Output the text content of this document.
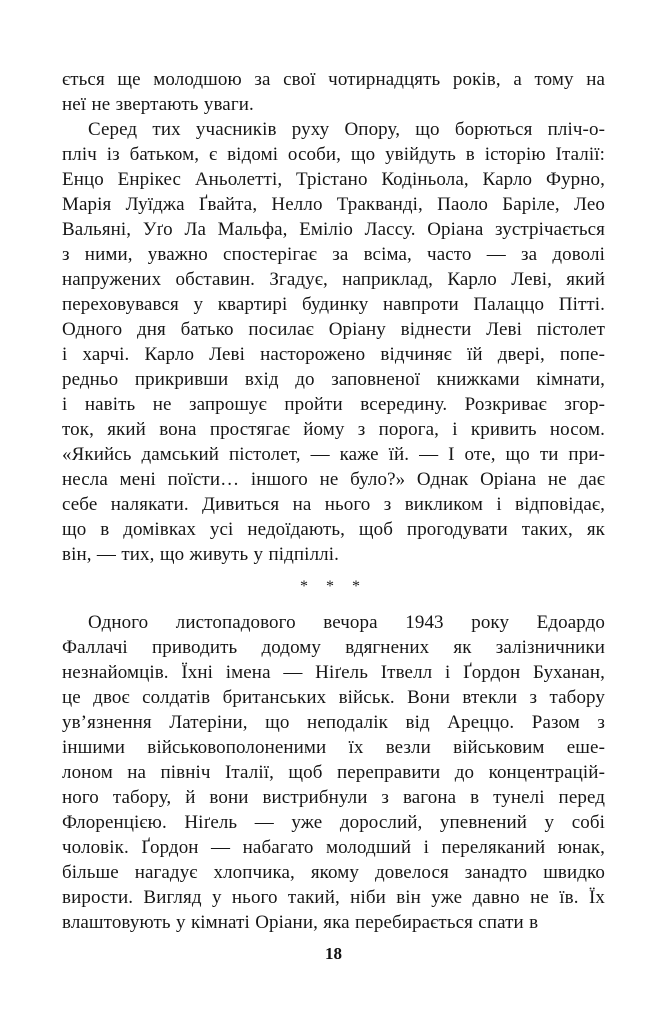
ється ще молодшою за свої чотирнадцять років, а тому на
неї не звертають уваги.
Серед тих учасників руху Опору, що борються пліч-о-
пліч із батьком, є відомі особи, що увійдуть в історію Італії:
Енцо Енрікес Аньолетті, Трістано Кодіньола, Карло Фурно,
Марія Луїджа Ґвайта, Нелло Тракванді, Паоло Баріле, Лео
Вальяні, Уґо Ла Мальфа, Еміліо Лассу. Оріана зустрічається
з ними, уважно спостерігає за всіма, часто — за доволі
напружених обставин. Згадує, наприклад, Карло Леві, який
переховувався у квартирі будинку навпроти Палаццо Пітті.
Одного дня батько посилає Оріану віднести Леві пістолет
і харчі. Карло Леві насторожено відчиняє їй двері, попе-
редньо прикривши вхід до заповненої книжками кімнати,
і навіть не запрошує пройти всередину. Розкриває згор-
ток, який вона простягає йому з порога, і кривить носом.
«Якийсь дамський пістолет, — каже їй. — І оте, що ти при-
несла мені поїсти… іншого не було?» Однак Оріана не дає
себе налякати. Дивиться на нього з викликом і відповідає,
що в домівках усі недоїдають, щоб прогодувати таких, як
він, — тих, що живуть у підпіллі.
* * *
Одного листопадового вечора 1943 року Едоардо
Фаллачі приводить додому вдягнених як залізничники
незнайомців. Їхні імена — Ніґель Ітвелл і Ґордон Буханан,
це двоє солдатів британських військ. Вони втекли з табору
ув’язнення Латеріни, що неподалік від Ареццо. Разом з
іншими військовополоненими їх везли військовим еше-
лоном на північ Італії, щоб переправити до концентрацій-
ного табору, й вони вистрибнули з вагона в тунелі перед
Флоренцією. Ніґель — уже дорослий, упевнений у собі
чоловік. Ґордон — набагато молодший і переляканий юнак,
більше нагадує хлопчика, якому довелося занадто швидко
вирости. Вигляд у нього такий, ніби він уже давно не їв. Їх
влаштовують у кімнаті Оріани, яка перебирається спати в
18
